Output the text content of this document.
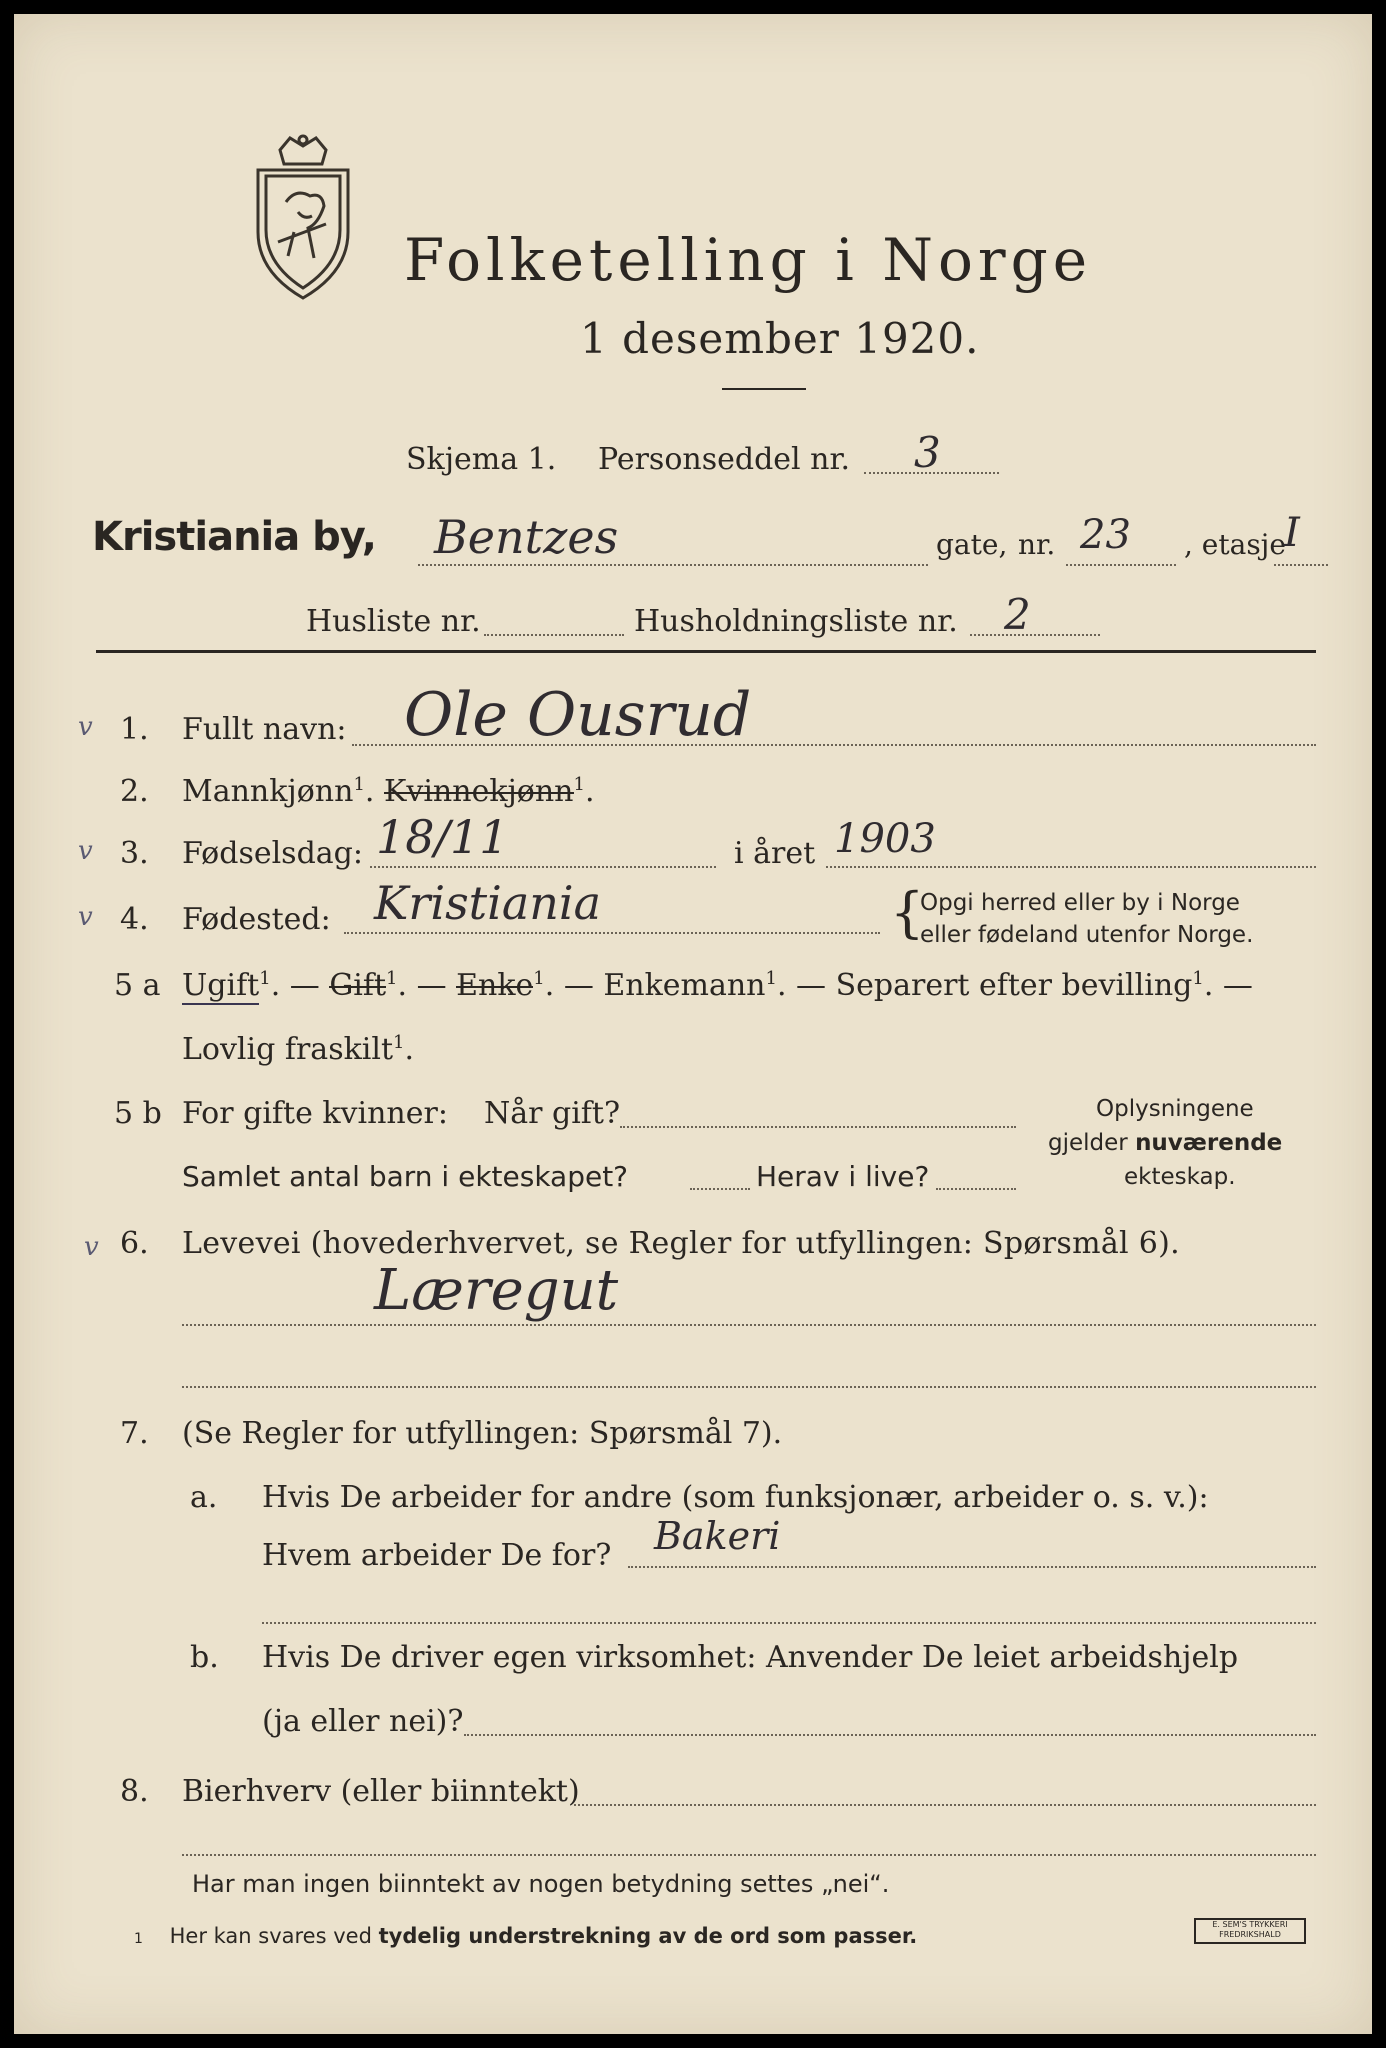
Folketelling i Norge
1 desember 1920.
Skjema 1. Personseddel nr. 3
Kristiania by, Bentzes	gate, nr. 23 , etasje
I
Husliste nr.	Husholdningsliste nr. 2
v 1. Fullt navn: Ole Ousrud
2. Mannkjønn$^1$. Kvinnekjønn$^1$.
v 3. Fødselsdag: 18/11	i året 1903
v 4. Fødested: Kristiania	{
Opgi herred eller by i Norge
eller fødeland utenfor Norge.
5 a Ugift$^1$. — Gift$^1$. — Enke$^1$. — Enkemann$^1$. — Separert efter bevilling$^1$. —
Lovlig fraskilt$^1$.
5 b For gifte kvinner: Når gift?
Samlet antal barn i ekteskapet?	Herav i live?
Oplysningene
gjelder nuværende
ekteskap.
v 6. Levevei (hovederhvervet, se Regler for utfyllingen: Spørsmål 6).
Læregut
7. (Se Regler for utfyllingen: Spørsmål 7).
a. Hvis De arbeider for andre (som funksjonær, arbeider o. s. v.):
Hvem arbeider De for? Bakeri
b. Hvis De driver egen virksomhet: Anvender De leiet arbeidshjelp
(ja eller nei)?
8. Bierhverv (eller biinntekt)
Har man ingen biinntekt av nogen betydning settes „nei“.
1 Her kan svares ved tydelig understrekning av de ord som passer.	E. SEM'S TRYKKERI
FREDRIKSHALD
